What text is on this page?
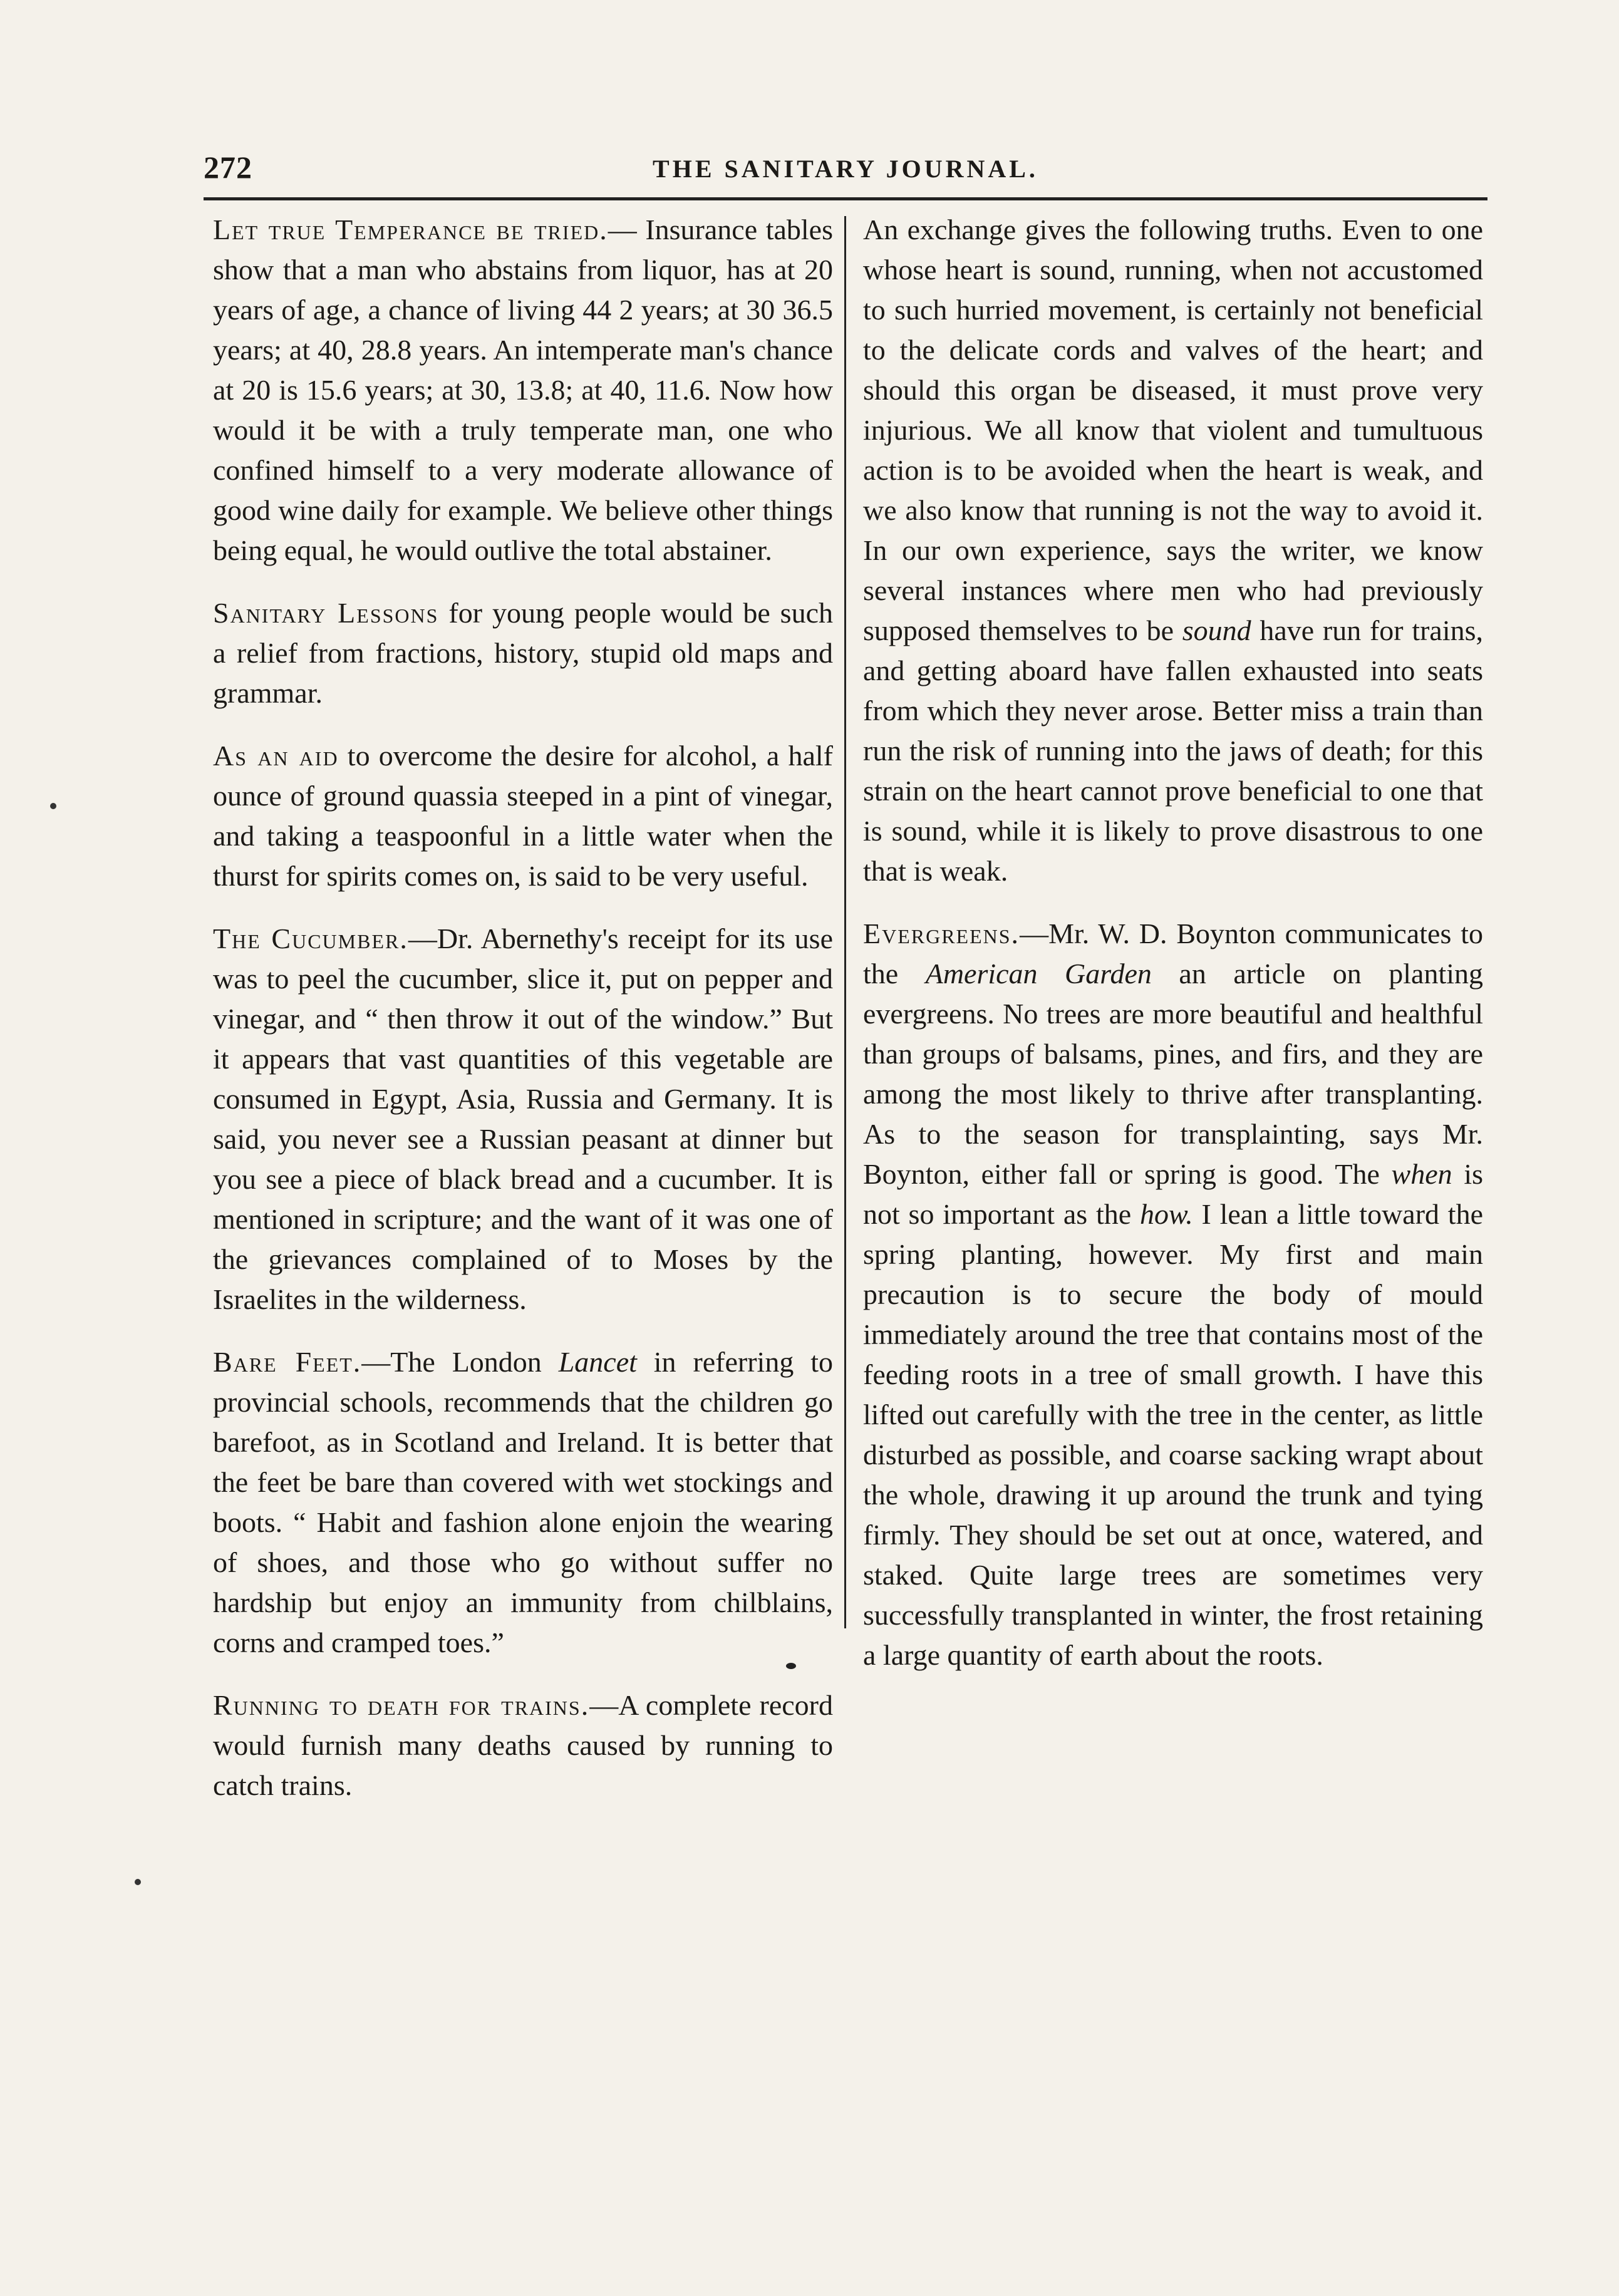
272	THE SANITARY JOURNAL.

Let true Temperance be tried.— Insurance tables show that a man who abstains from liquor, has at 20 years of age, a chance of living 44 2 years; at 30 36.5 years; at 40, 28.8 years. An intemperate man's chance at 20 is 15.6 years; at 30, 13.8; at 40, 11.6. Now how would it be with a truly temperate man, one who confined himself to a very moderate allowance of good wine daily for example. We believe other things being equal, he would outlive the total abstainer.

Sanitary Lessons for young people would be such a relief from fractions, history, stupid old maps and grammar.

As an aid to overcome the desire for alcohol, a half ounce of ground quassia steeped in a pint of vinegar, and taking a teaspoonful in a little water when the thurst for spirits comes on, is said to be very useful.

The Cucumber.—Dr. Abernethy's receipt for its use was to peel the cucumber, slice it, put on pepper and vinegar, and “ then throw it out of the window.” But it appears that vast quantities of this vegetable are consumed in Egypt, Asia, Russia and Germany. It is said, you never see a Russian peasant at dinner but you see a piece of black bread and a cucumber. It is mentioned in scripture; and the want of it was one of the grievances complained of to Moses by the Israelites in the wilderness.

Bare Feet.—The London Lancet in referring to provincial schools, recommends that the children go barefoot, as in Scotland and Ireland. It is better that the feet be bare than covered with wet stockings and boots. “ Habit and fashion alone enjoin the wearing of shoes, and those who go without suffer no hardship but enjoy an immunity from chilblains, corns and cramped toes.”

Running to death for trains.—A complete record would furnish many deaths caused by running to catch trains.

An exchange gives the following truths. Even to one whose heart is sound, running, when not accustomed to such hurried movement, is certainly not beneficial to the delicate cords and valves of the heart; and should this organ be diseased, it must prove very injurious. We all know that violent and tumultuous action is to be avoided when the heart is weak, and we also know that running is not the way to avoid it. In our own experience, says the writer, we know several instances where men who had previously supposed themselves to be sound have run for trains, and getting aboard have fallen exhausted into seats from which they never arose. Better miss a train than run the risk of running into the jaws of death; for this strain on the heart cannot prove beneficial to one that is sound, while it is likely to prove disastrous to one that is weak.

Evergreens.—Mr. W. D. Boynton communicates to the American Garden an article on planting evergreens. No trees are more beautiful and healthful than groups of balsams, pines, and firs, and they are among the most likely to thrive after transplanting. As to the season for transplainting, says Mr. Boynton, either fall or spring is good. The when is not so important as the how. I lean a little toward the spring planting, however. My first and main precaution is to secure the body of mould immediately around the tree that contains most of the feeding roots in a tree of small growth. I have this lifted out carefully with the tree in the center, as little disturbed as possible, and coarse sacking wrapt about the whole, drawing it up around the trunk and tying firmly. They should be set out at once, watered, and staked. Quite large trees are sometimes very successfully transplanted in winter, the frost retaining a large quantity of earth about the roots.
